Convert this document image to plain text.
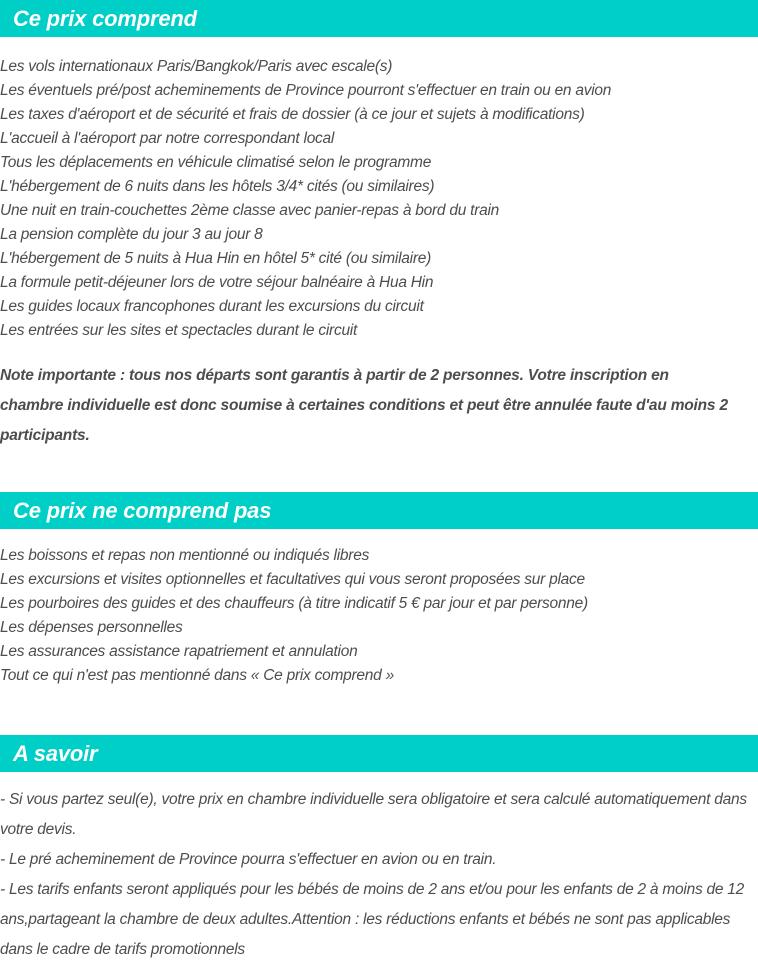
Ce prix comprend
Les vols internationaux Paris/Bangkok/Paris avec escale(s)
Les éventuels pré/post acheminements de Province pourront s'effectuer en train ou en avion
Les taxes d'aéroport et de sécurité et frais de dossier (à ce jour et sujets à modifications)
L'accueil à l'aéroport par notre correspondant local
Tous les déplacements en véhicule climatisé selon le programme
L'hébergement de 6 nuits dans les hôtels 3/4* cités (ou similaires)
Une nuit en train-couchettes 2ème classe avec panier-repas à bord du train
La pension complète du jour 3 au jour 8
L'hébergement de 5 nuits à Hua Hin en hôtel 5* cité (ou similaire)
La formule petit-déjeuner lors de votre séjour balnéaire à Hua Hin
Les guides locaux francophones durant les excursions du circuit
Les entrées sur les sites et spectacles durant le circuit
Note importante : tous nos départs sont garantis à partir de 2 personnes. Votre inscription en chambre individuelle est donc soumise à certaines conditions et peut être annulée faute d'au moins 2 participants.
Ce prix ne comprend pas
Les boissons et repas non mentionné ou indiqués libres
Les excursions et visites optionnelles et facultatives qui vous seront proposées sur place
Les pourboires des guides et des chauffeurs (à titre indicatif 5 € par jour et par personne)
Les dépenses personnelles
Les assurances assistance rapatriement et annulation
Tout ce qui n'est pas mentionné dans « Ce prix comprend »
A savoir
- Si vous partez seul(e), votre prix en chambre individuelle sera obligatoire et sera calculé automatiquement dans votre devis.
- Le pré acheminement de Province pourra s'effectuer en avion ou en train.
- Les tarifs enfants seront appliqués pour les bébés de moins de 2 ans et/ou pour les enfants de 2 à moins de 12 ans,partageant la chambre de deux adultes.Attention : les réductions enfants et bébés ne sont pas applicables dans le cadre de tarifs promotionnels
